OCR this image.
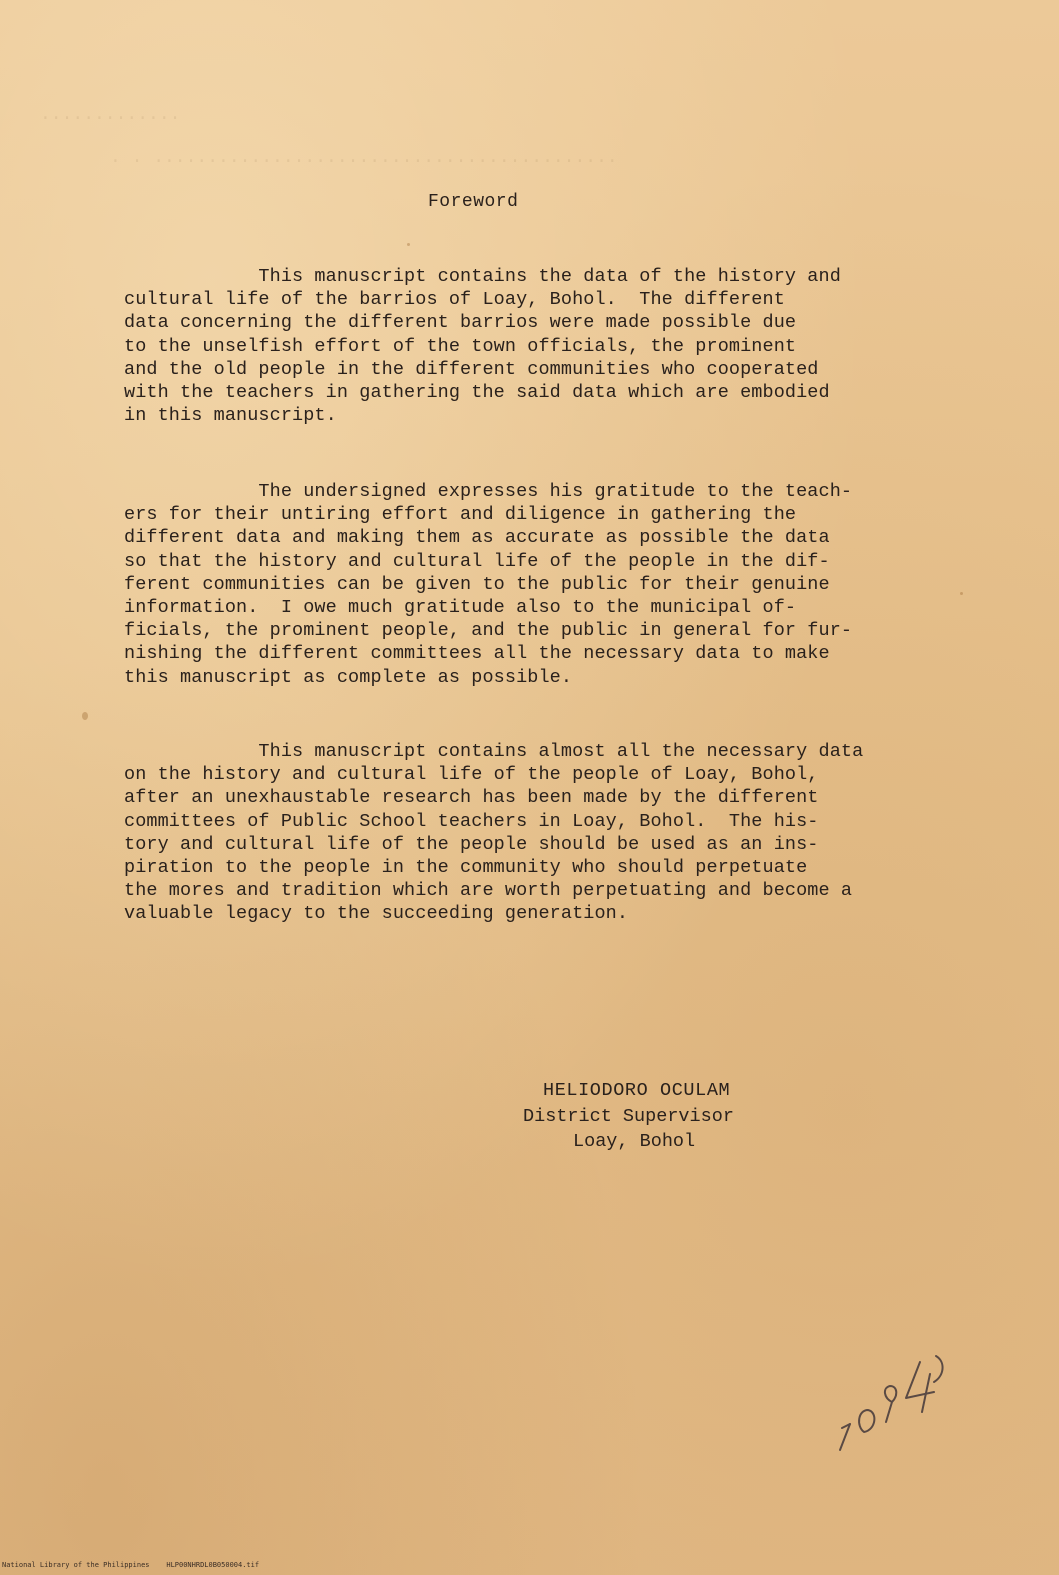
.............
. . ...........................................
Foreword
This manuscript contains the data of the history and
cultural life of the barrios of Loay, Bohol.  The different
data concerning the different barrios were made possible due
to the unselfish effort of the town officials, the prominent
and the old people in the different communities who cooperated
with the teachers in gathering the said data which are embodied
in this manuscript.
The undersigned expresses his gratitude to the teach-
ers for their untiring effort and diligence in gathering the
different data and making them as accurate as possible the data
so that the history and cultural life of the people in the dif-
ferent communities can be given to the public for their genuine
information.  I owe much gratitude also to the municipal of-
ficials, the prominent people, and the public in general for fur-
nishing the different committees all the necessary data to make
this manuscript as complete as possible.
This manuscript contains almost all the necessary data
on the history and cultural life of the people of Loay, Bohol,
after an unexhaustable research has been made by the different
committees of Public School teachers in Loay, Bohol.  The his-
tory and cultural life of the people should be used as an ins-
piration to the people in the community who should perpetuate
the mores and tradition which are worth perpetuating and become a
valuable legacy to the succeeding generation.
HELIODORO OCULAM
District Supervisor
Loay, Bohol
National Library of the Philippines    HLP00NHRDL0B050004.tif
